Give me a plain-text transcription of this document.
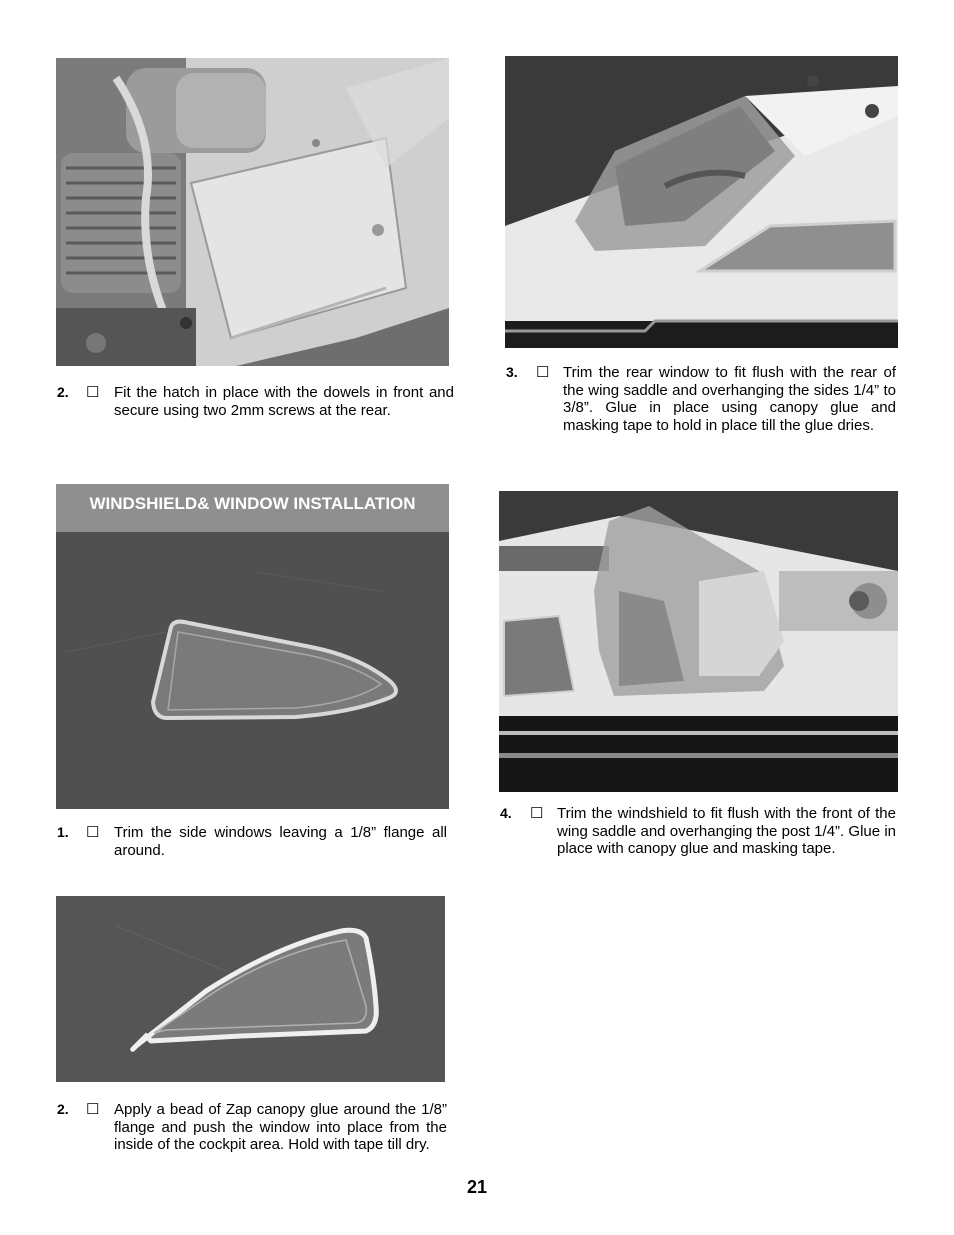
2. ☐ Fit the hatch in place with the dowels in front and secure using two 2mm screws at the rear.
3. ☐ Trim the rear window to fit flush with the rear of the wing saddle and overhanging the sides 1/4” to 3/8”. Glue in place using canopy glue and masking tape to hold in place till the glue dries.
WINDSHIELD& WINDOW INSTALLATION
1. ☐ Trim the side windows leaving a 1/8” flange all around.
4. ☐ Trim the windshield to fit flush with the front of the wing saddle and overhanging the post 1/4”. Glue in place with canopy glue and masking tape.
2. ☐ Apply a bead of Zap canopy glue around the 1/8” flange and push the window into place from the inside of the cockpit area. Hold with tape till dry.
21
